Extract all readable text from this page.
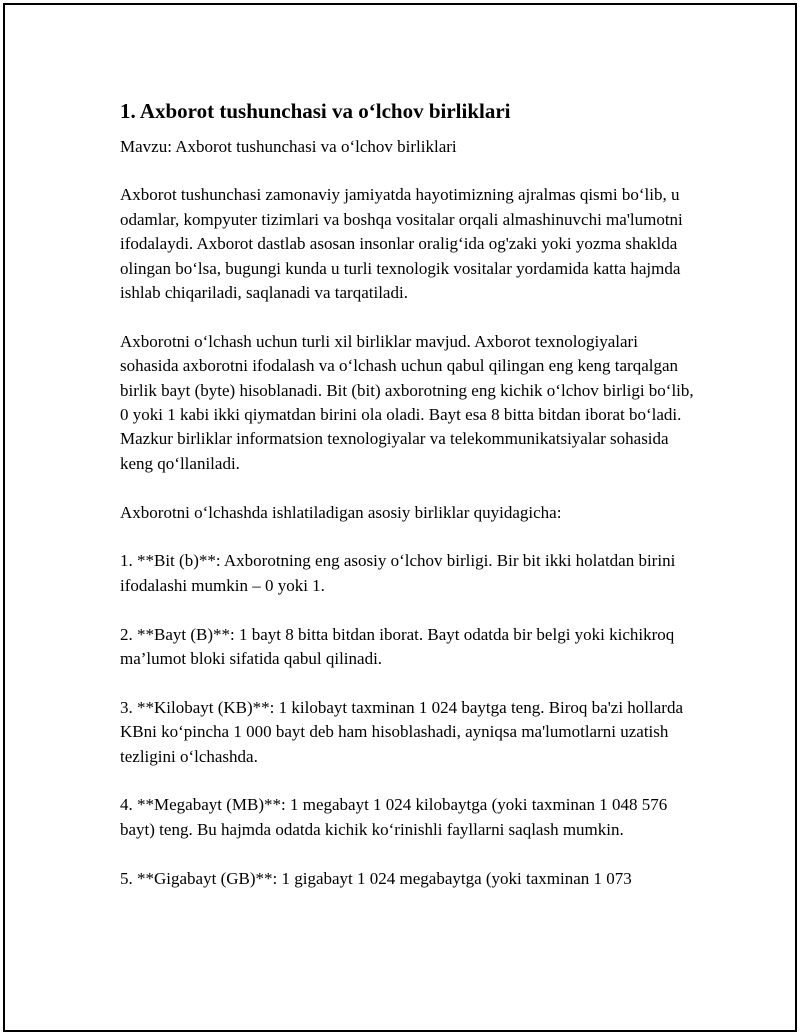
1. Axborot tushunchasi va o‘lchov birliklari
Mavzu: Axborot tushunchasi va o‘lchov birliklari
Axborot tushunchasi zamonaviy jamiyatda hayotimizning ajralmas qismi bo‘lib, u odamlar, kompyuter tizimlari va boshqa vositalar orqali almashinuvchi ma'lumotni ifodalaydi. Axborot dastlab asosan insonlar oralig‘ida og'zaki yoki yozma shaklda olingan bo‘lsa, bugungi kunda u turli texnologik vositalar yordamida katta hajmda ishlab chiqariladi, saqlanadi va tarqatiladi.
Axborotni o‘lchash uchun turli xil birliklar mavjud. Axborot texnologiyalari sohasida axborotni ifodalash va o‘lchash uchun qabul qilingan eng keng tarqalgan birlik bayt (byte) hisoblanadi. Bit (bit) axborotning eng kichik o‘lchov birligi bo‘lib, 0 yoki 1 kabi ikki qiymatdan birini ola oladi. Bayt esa 8 bitta bitdan iborat bo‘ladi. Mazkur birliklar informatsion texnologiyalar va telekommunikatsiyalar sohasida keng qo‘llaniladi.
Axborotni o‘lchashda ishlatiladigan asosiy birliklar quyidagicha:
1. **Bit (b)**: Axborotning eng asosiy o‘lchov birligi. Bir bit ikki holatdan birini ifodalashi mumkin – 0 yoki 1.
2. **Bayt (B)**: 1 bayt 8 bitta bitdan iborat. Bayt odatda bir belgi yoki kichikroq ma’lumot bloki sifatida qabul qilinadi.
3. **Kilobayt (KB)**: 1 kilobayt taxminan 1 024 baytga teng. Biroq ba'zi hollarda KBni ko‘pincha 1 000 bayt deb ham hisoblashadi, ayniqsa ma'lumotlarni uzatish tezligini o‘lchashda.
4. **Megabayt (MB)**: 1 megabayt 1 024 kilobaytga (yoki taxminan 1 048 576 bayt) teng. Bu hajmda odatda kichik ko‘rinishli fayllarni saqlash mumkin.
5. **Gigabayt (GB)**: 1 gigabayt 1 024 megabaytga (yoki taxminan 1 073
